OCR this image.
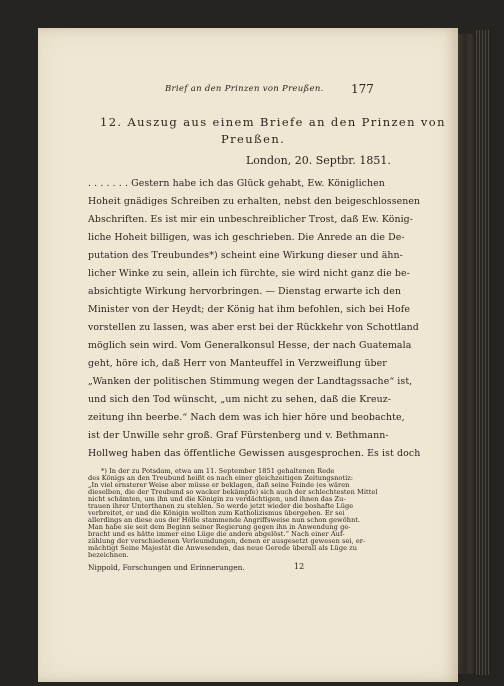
Brief an den Prinzen von Preußen. 177
12. Auszug aus einem Briefe an den Prinzen von
Preußen.
London, 20. Septbr. 1851.
. . . . . . . Gestern habe ich das Glück gehabt, Ew. Königlichen
Hoheit gnädiges Schreiben zu erhalten, nebst den beigeschlossenen
Abschriften. Es ist mir ein unbeschreiblicher Trost, daß Ew. König-
liche Hoheit billigen, was ich geschrieben. Die Anrede an die De-
putation des Treubundes*) scheint eine Wirkung dieser und ähn-
licher Winke zu sein, allein ich fürchte, sie wird nicht ganz die be-
absichtigte Wirkung hervorbringen. — Dienstag erwarte ich den
Minister von der Heydt; der König hat ihm befohlen, sich bei Hofe
vorstellen zu lassen, was aber erst bei der Rückkehr von Schottland
möglich sein wird. Vom Generalkonsul Hesse, der nach Guatemala
geht, höre ich, daß Herr von Manteuffel in Verzweiflung über
„Wanken der politischen Stimmung wegen der Landtagssache“ ist,
und sich den Tod wünscht, „um nicht zu sehen, daß die Kreuz-
zeitung ihn beerbe.“ Nach dem was ich hier höre und beobachte,
ist der Unwille sehr groß. Graf Fürstenberg und v. Bethmann-
Hollweg haben das öffentliche Gewissen ausgesprochen. Es ist doch
*) In der zu Potsdam, etwa am 11. September 1851 gehaltenen Rede
des Königs an den Treubund heißt es nach einer gleichzeitigen Zeitungsnotiz:
„In viel ernsterer Weise aber müsse er beklagen, daß seine Feinde (es wären
dieselben, die der Treubund so wacker bekämpfe) sich auch der schlechtesten Mittel
nicht schämten, um ihn und die Königin zu verdächtigen, und ihnen das Zu-
trauen ihrer Unterthanen zu stehlen. So werde jetzt wieder die boshafte Lüge
verbreitet, er und die Königin wollten zum Katholizismus übergehen. Er sei
allerdings an diese aus der Hölle stammende Angriffsweise nun schon gewöhnt.
Man habe sie seit dem Beginn seiner Regierung gegen ihn in Anwendung ge-
bracht und es hätte immer eine Lüge die andere abgelöst.“ Nach einer Auf-
zählung der verschiedenen Verleumdungen, denen er ausgesetzt gewesen sei, er-
mächtigt Seine Majestät die Anwesenden, das neue Gerede überall als Lüge zu
bezeichnen.
Nippold, Forschungen und Erinnerungen.	12
